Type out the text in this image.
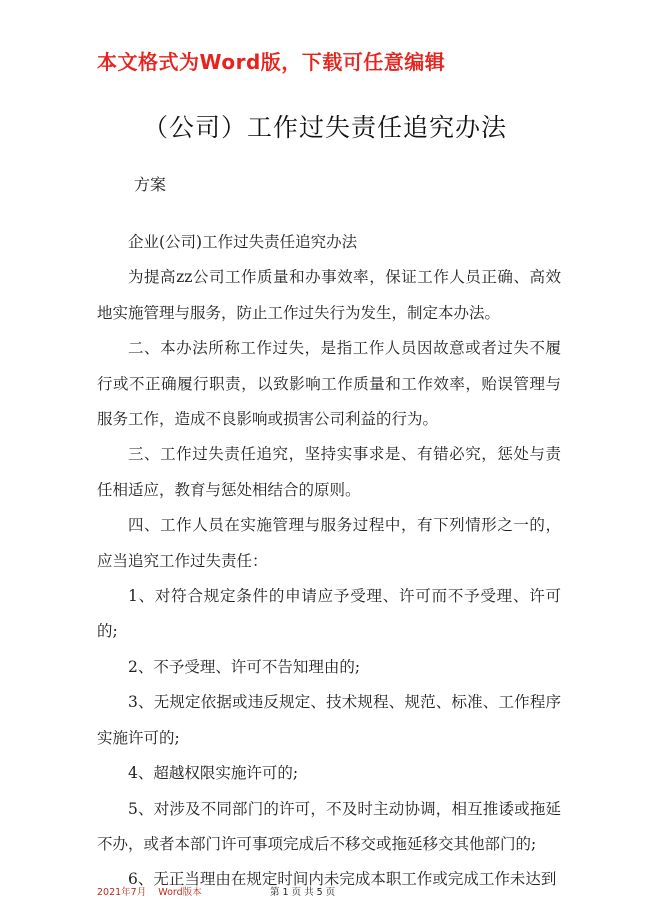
本文格式为Word版，下载可任意编辑
（公司）工作过失责任追究办法
方案

企业(公司)工作过失责任追究办法

为提高zz公司工作质量和办事效率，保证工作人员正确、高效地实施管理与服务，防止工作过失行为发生，制定本办法。

二、本办法所称工作过失，是指工作人员因故意或者过失不履行或不正确履行职责，以致影响工作质量和工作效率，贻误管理与服务工作，造成不良影响或损害公司利益的行为。

三、工作过失责任追究，坚持实事求是、有错必究，惩处与责任相适应，教育与惩处相结合的原则。

四、工作人员在实施管理与服务过程中，有下列情形之一的，应当追究工作过失责任：

1、对符合规定条件的申请应予受理、许可而不予受理、许可的;

2、不予受理、许可不告知理由的;

3、无规定依据或违反规定、技术规程、规范、标准、工作程序实施许可的;

4、超越权限实施许可的;

5、对涉及不同部门的许可，不及时主动协调，相互推诿或拖延不办，或者本部门许可事项完成后不移交或拖延移交其他部门的;

6、无正当理由在规定时间内未完成本职工作或完成工作未达到

2021年7月 Word版本	第 1 页 共 5 页
